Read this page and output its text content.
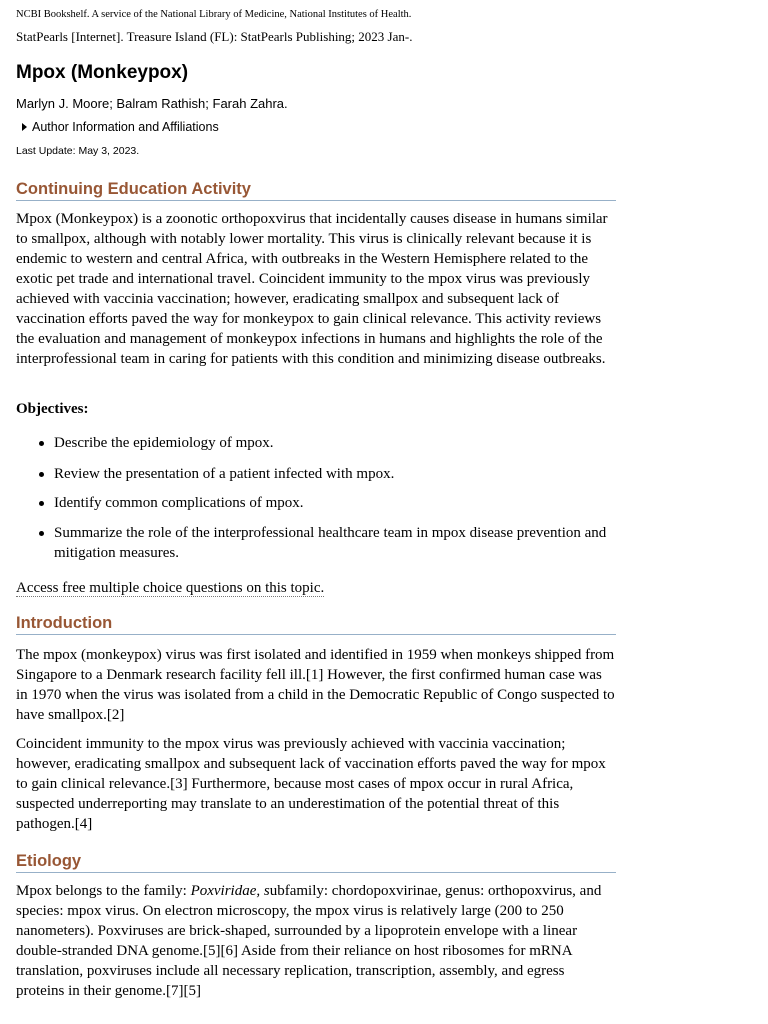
NCBI Bookshelf. A service of the National Library of Medicine, National Institutes of Health.
StatPearls [Internet]. Treasure Island (FL): StatPearls Publishing; 2023 Jan-.
Mpox (Monkeypox)
Marlyn J. Moore; Balram Rathish; Farah Zahra.
Author Information and Affiliations
Last Update: May 3, 2023.
Continuing Education Activity

Mpox (Monkeypox) is a zoonotic orthopoxvirus that incidentally causes disease in humans similar to smallpox, although with notably lower mortality. This virus is clinically relevant because it is endemic to western and central Africa, with outbreaks in the Western Hemisphere related to the exotic pet trade and international travel. Coincident immunity to the mpox virus was previously achieved with vaccinia vaccination; however, eradicating smallpox and subsequent lack of vaccination efforts paved the way for monkeypox to gain clinical relevance. This activity reviews the evaluation and management of monkeypox infections in humans and highlights the role of the interprofessional team in caring for patients with this condition and minimizing disease outbreaks.

Objectives:
Describe the epidemiology of mpox.
Review the presentation of a patient infected with mpox.
Identify common complications of mpox.
Summarize the role of the interprofessional healthcare team in mpox disease prevention and mitigation measures.
Access free multiple choice questions on this topic.
Introduction

The mpox (monkeypox) virus was first isolated and identified in 1959 when monkeys shipped from Singapore to a Denmark research facility fell ill.[1] However, the first confirmed human case was in 1970 when the virus was isolated from a child in the Democratic Republic of Congo suspected to have smallpox.[2]

Coincident immunity to the mpox virus was previously achieved with vaccinia vaccination; however, eradicating smallpox and subsequent lack of vaccination efforts paved the way for mpox to gain clinical relevance.[3] Furthermore, because most cases of mpox occur in rural Africa, suspected underreporting may translate to an underestimation of the potential threat of this pathogen.[4]

Etiology

Mpox belongs to the family: Poxviridae, subfamily: chordopoxvirinae, genus: orthopoxvirus, and species: mpox virus. On electron microscopy, the mpox virus is relatively large (200 to 250 nanometers). Poxviruses are brick-shaped, surrounded by a lipoprotein envelope with a linear double-stranded DNA genome.[5][6] Aside from their reliance on host ribosomes for mRNA translation, poxviruses include all necessary replication, transcription, assembly, and egress proteins in their genome.[7][5]
